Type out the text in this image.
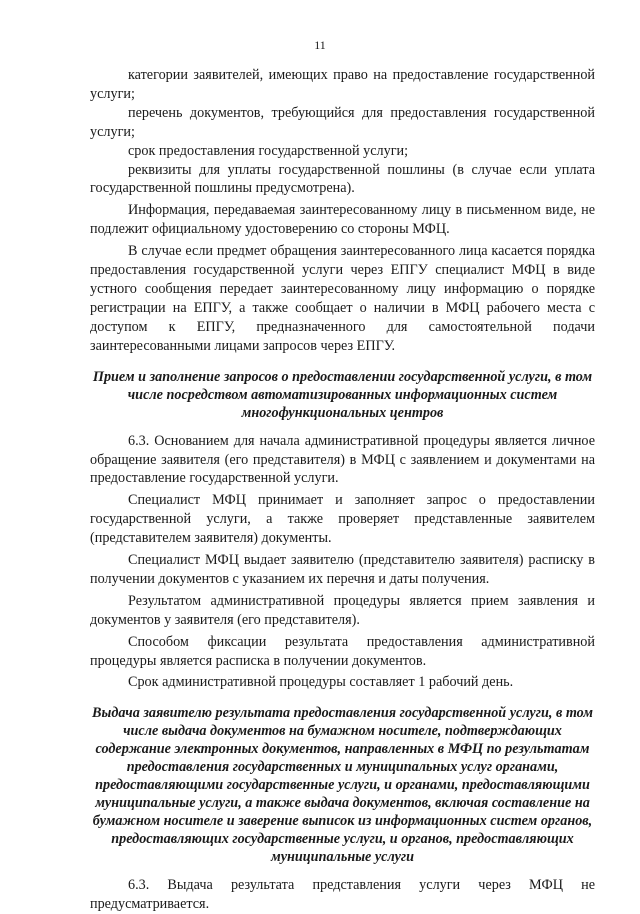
11

категории заявителей, имеющих право на предоставление государственной услуги;

перечень документов, требующийся для предоставления государственной услуги;

срок предоставления государственной услуги;

реквизиты для уплаты государственной пошлины (в случае если уплата государственной пошлины предусмотрена).

Информация, передаваемая заинтересованному лицу в письменном виде, не подлежит официальному удостоверению со стороны МФЦ.

В случае если предмет обращения заинтересованного лица касается порядка предоставления государственной услуги через ЕПГУ специалист МФЦ в виде устного сообщения передает заинтересованному лицу информацию о порядке регистрации на ЕПГУ, а также сообщает о наличии в МФЦ рабочего места с доступом к ЕПГУ, предназначенного для самостоятельной подачи заинтересованными лицами запросов через ЕПГУ.

Прием и заполнение запросов о предоставлении государственной услуги, в том числе посредством автоматизированных информационных систем многофункциональных центров

6.3. Основанием для начала административной процедуры является личное обращение заявителя (его представителя) в МФЦ с заявлением и документами на предоставление государственной услуги.

Специалист МФЦ принимает и заполняет запрос о предоставлении государственной услуги, а также проверяет представленные заявителем (представителем заявителя) документы.

Специалист МФЦ выдает заявителю (представителю заявителя) расписку в получении документов с указанием их перечня и даты получения.

Результатом административной процедуры является прием заявления и документов у заявителя (его представителя).

Способом фиксации результата предоставления административной процедуры является расписка в получении документов.

Срок административной процедуры составляет 1 рабочий день.

Выдача заявителю результата предоставления государственной услуги, в том числе выдача документов на бумажном носителе, подтверждающих содержание электронных документов, направленных в МФЦ по результатам предоставления государственных и муниципальных услуг органами, предоставляющими государственные услуги, и органами, предоставляющими муниципальные услуги, а также выдача документов, включая составление на бумажном носителе и заверение выписок из информационных систем органов, предоставляющих государственные услуги, и органов, предоставляющих муниципальные услуги

6.3. Выдача результата представления услуги через МФЦ не предусматривается.
